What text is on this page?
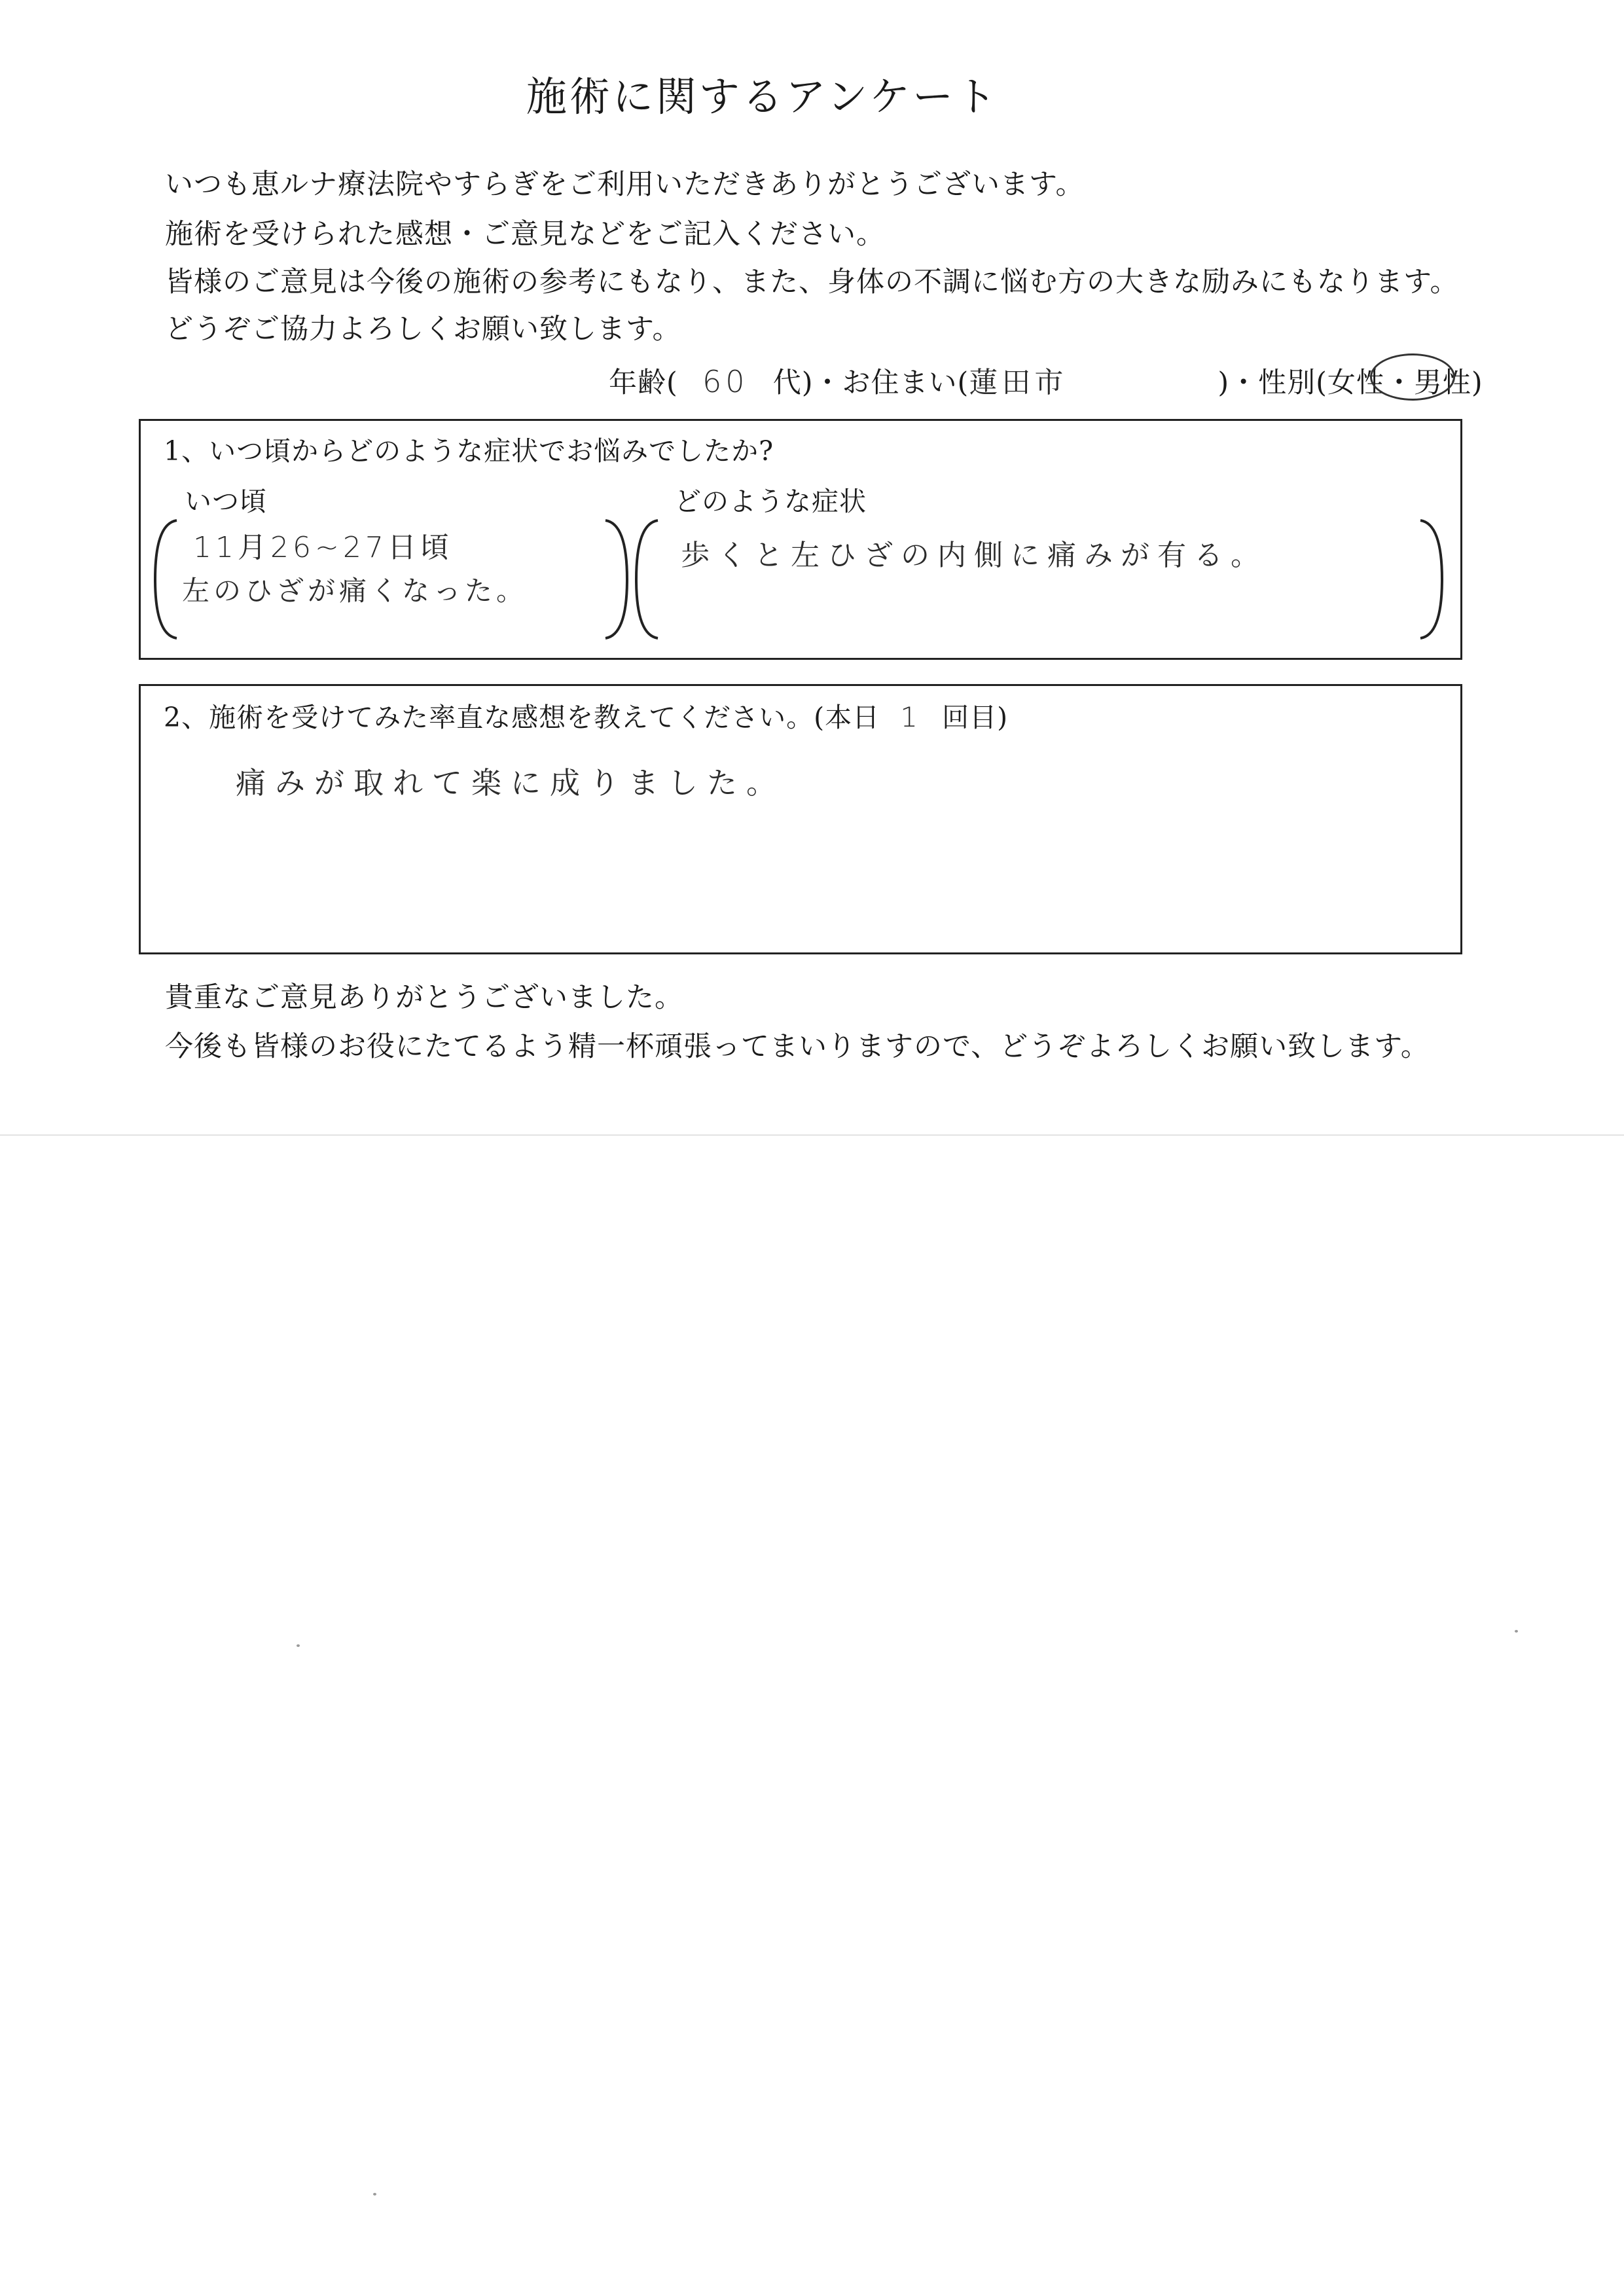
施術に関するアンケート
いつも恵ルナ療法院やすらぎをご利用いただきありがとうございます。
施術を受けられた感想・ご意見などをご記入ください。
皆様のご意見は今後の施術の参考にもなり、また、身体の不調に悩む方の大きな励みにもなります。
どうぞご協力よろしくお願い致します。
年齢( 60 代)・お住まい(蓮田市	)・性別(女性・男性)
1、いつ頃からどのような症状でお悩みでしたか?
いつ頃	どのような症状
11月26~27日頃
左のひざが痛くなった。
歩くと左ひざの内側に痛みが有る。
2、施術を受けてみた率直な感想を教えてください。(本日 1 回目)
痛みが取れて楽に成りました。
貴重なご意見ありがとうございました。
今後も皆様のお役にたてるよう精一杯頑張ってまいりますので、どうぞよろしくお願い致します。
